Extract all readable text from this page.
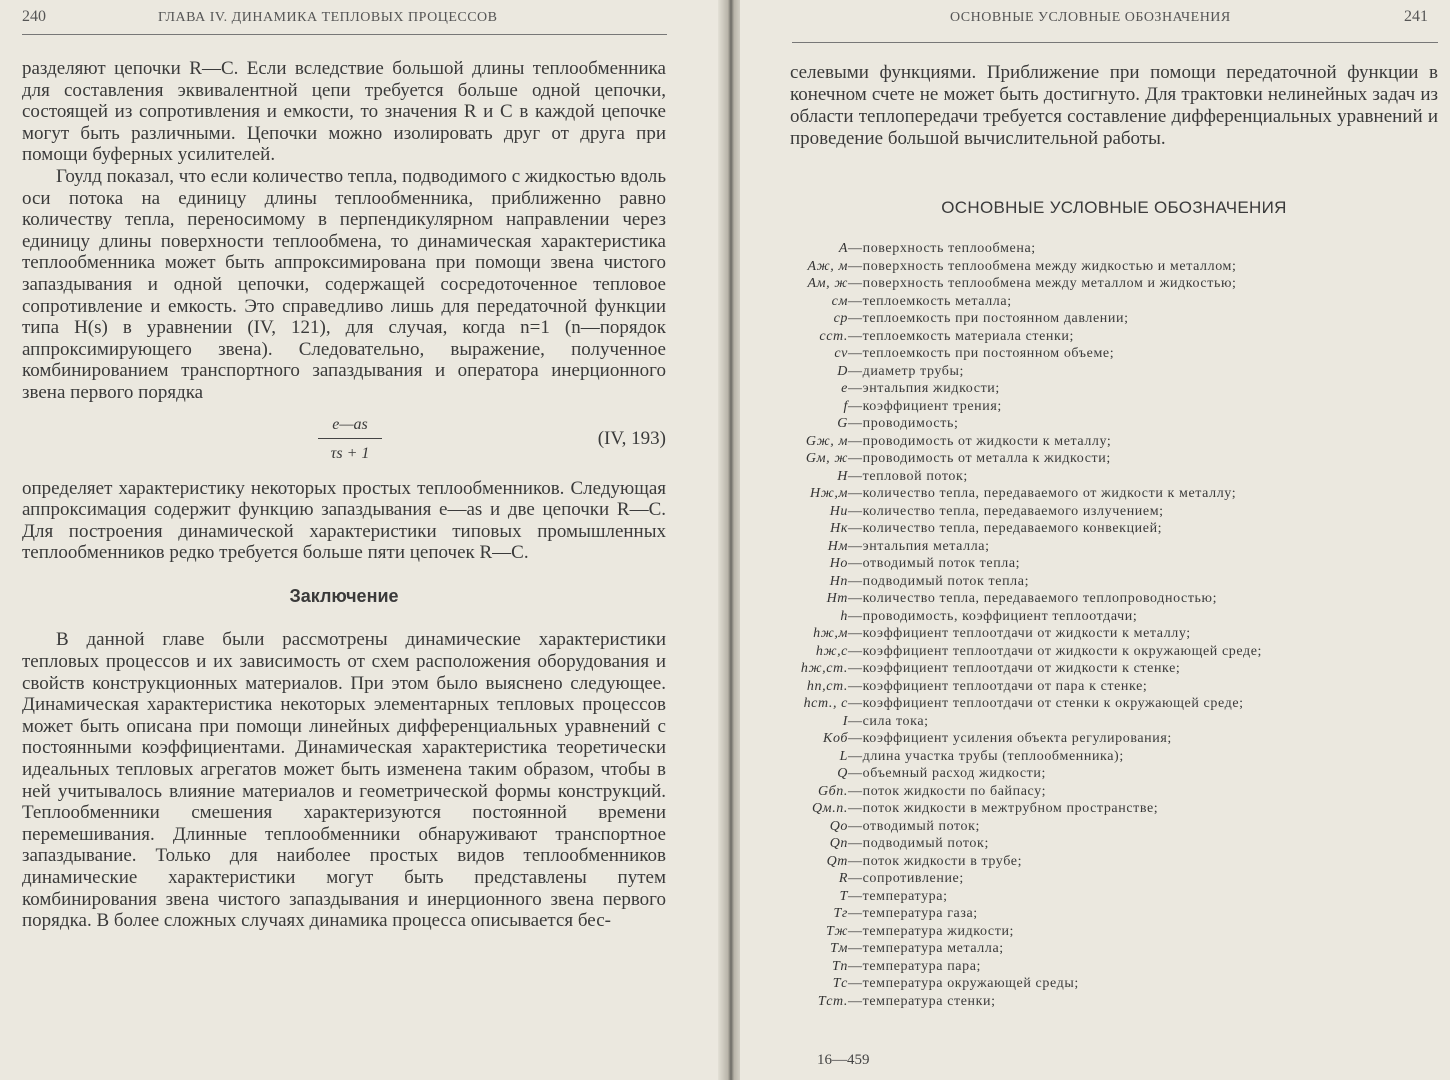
240	ГЛАВА IV. ДИНАМИКА ТЕПЛОВЫХ ПРОЦЕССОВ

разделяют цепочки R—C. Если вследствие большой длины теплообменника для составления эквивалентной цепи требуется больше одной цепочки, состоящей из сопротивления и емкости, то значения R и C в каждой цепочке могут быть различными. Цепочки можно изолировать друг от друга при помощи буферных усилителей.

Гоулд показал, что если количество тепла, подводимого с жидкостью вдоль оси потока на единицу длины теплообменника, приближенно равно количеству тепла, переносимому в перпендикулярном направлении через единицу длины поверхности теплообмена, то динамическая характеристика теплообменника может быть аппроксимирована при помощи звена чистого запаздывания и одной цепочки, содержащей сосредоточенное тепловое сопротивление и емкость. Это справедливо лишь для передаточной функции типа H(s) в уравнении (IV, 121), для случая, когда n=1 (n—порядок аппроксимирующего звена). Следовательно, выражение, полученное комбинированием транспортного запаздывания и оператора инерционного звена первого порядка

$\frac{e—as}{\tau s + 1}$	(IV, 193)

определяет характеристику некоторых простых теплообменников. Следующая аппроксимация содержит функцию запаздывания e—as и две цепочки R—C. Для построения динамической характеристики типовых промышленных теплообменников редко требуется больше пяти цепочек R—C.

Заключение

В данной главе были рассмотрены динамические характеристики тепловых процессов и их зависимость от схем расположения оборудования и свойств конструкционных материалов. При этом было выяснено следующее. Динамическая характеристика некоторых элементарных тепловых процессов может быть описана при помощи линейных дифференциальных уравнений с постоянными коэффициентами. Динамическая характеристика теоретически идеальных тепловых агрегатов может быть изменена таким образом, чтобы в ней учитывалось влияние материалов и геометрической формы конструкций. Теплообменники смешения характеризуются постоянной времени перемешивания. Длинные теплообменники обнаруживают транспортное запаздывание. Только для наиболее простых видов теплообменников динамические характеристики могут быть представлены путем комбинирования звена чистого запаздывания и инерционного звена первого порядка. В более сложных случаях динамика процесса описывается бес-

ОСНОВНЫЕ УСЛОВНЫЕ ОБОЗНАЧЕНИЯ	241

селевыми функциями. Приближение при помощи передаточной функции в конечном счете не может быть достигнуто. Для трактовки нелинейных задач из области теплопередачи требуется составление дифференциальных уравнений и проведение большой вычислительной работы.

ОСНОВНЫЕ УСЛОВНЫЕ ОБОЗНАЧЕНИЯ
A —поверхность теплообмена;
Aж, м —поверхность теплообмена между жидкостью и металлом;
Aм, ж —поверхность теплообмена между металлом и жидкостью;
cм —теплоемкость металла;
cp —теплоемкость при постоянном давлении;
cст. —теплоемкость материала стенки;
cv —теплоемкость при постоянном объеме;
D —диаметр трубы;
e —энтальпия жидкости;
f —коэффициент трения;
G —проводимость;
Gж, м —проводимость от жидкости к металлу;
Gм, ж —проводимость от металла к жидкости;
H —тепловой поток;
Hж,м —количество тепла, передаваемого от жидкости к металлу;
Hи —количество тепла, передаваемого излучением;
Hк —количество тепла, передаваемого конвекцией;
Hм —энтальпия металла;
Hо —отводимый поток тепла;
Hп —подводимый поток тепла;
Hт —количество тепла, передаваемого теплопроводностью;
h —проводимость, коэффициент теплоотдачи;
hж,м —коэффициент теплоотдачи от жидкости к металлу;
hж,с —коэффициент теплоотдачи от жидкости к окружающей среде;
hж,ст. —коэффициент теплоотдачи от жидкости к стенке;
hп,ст. —коэффициент теплоотдачи от пара к стенке;
hст., с —коэффициент теплоотдачи от стенки к окружающей среде;
I —сила тока;
Kоб —коэффициент усиления объекта регулирования;
L —длина участка трубы (теплообменника);
Q —объемный расход жидкости;
Gбп. —поток жидкости по байпасу;
Qм.п. —поток жидкости в межтрубном пространстве;
Qо —отводимый поток;
Qп —подводимый поток;
Qт —поток жидкости в трубе;
R —сопротивление;
T —температура;
Tг —температура газа;
Tж —температура жидкости;
Tм —температура металла;
Tп —температура пара;
Tс —температура окружающей среды;
Tст. —температура стенки;
16—459
